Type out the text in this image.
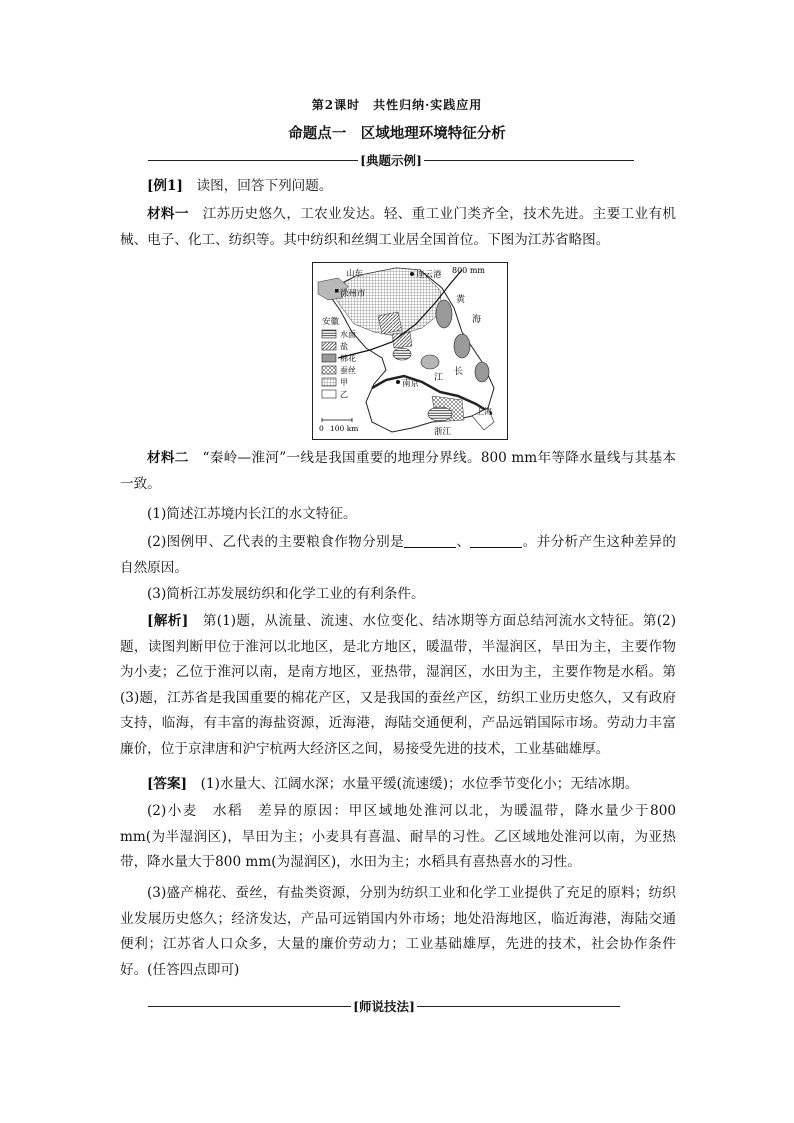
第2课时　共性归纳·实践应用
命题点一　区域地理环境特征分析
[典题示例]
[例1]　 读图，回答下列问题。
材料一　 江苏历史悠久，工农业发达。轻、重工业门类齐全，技术先进。主要工业有机械、电子、化工、纺织等。其中纺织和丝绸工业居全国首位。下图为江苏省略图。
山东	连云港 800 mm
徐州市
黄
海
安徽
长
江
南京
上海
浙江
水面
盐
棉花
蚕丝
甲
乙
0 100 km
材料二　 “秦岭—淮河”一线是我国重要的地理分界线。800 mm年等降水量线与其基本一致。
(1)简述江苏境内长江的水文特征。
(2)图例甲、乙代表的主要粮食作物分别是	、	。并分析产生这种差异的自然原因。
(3)简析江苏发展纺织和化学工业的有利条件。
[解析]　 第(1)题，从流量、流速、水位变化、结冰期等方面总结河流水文特征。第(2)题，读图判断甲位于淮河以北地区，是北方地区，暖温带，半湿润区，旱田为主，主要作物为小麦；乙位于淮河以南，是南方地区，亚热带，湿润区，水田为主，主要作物是水稻。第(3)题，江苏省是我国重要的棉花产区，又是我国的蚕丝产区，纺织工业历史悠久，又有政府支持，临海，有丰富的海盐资源，近海港，海陆交通便利，产品远销国际市场。劳动力丰富廉价，位于京津唐和沪宁杭两大经济区之间，易接受先进的技术，工业基础雄厚。
[答案]　 (1)水量大、江阔水深；水量平缓(流速缓)；水位季节变化小；无结冰期。
(2)小麦　水稻　差异的原因：甲区域地处淮河以北，为暖温带，降水量少于800 mm(为半湿润区)，旱田为主；小麦具有喜温、耐旱的习性。乙区域地处淮河以南，为亚热带，降水量大于800 mm(为湿润区)，水田为主；水稻具有喜热喜水的习性。
(3)盛产棉花、蚕丝，有盐类资源，分别为纺织工业和化学工业提供了充足的原料；纺织业发展历史悠久；经济发达，产品可远销国内外市场；地处沿海地区，临近海港，海陆交通便利；江苏省人口众多，大量的廉价劳动力；工业基础雄厚，先进的技术，社会协作条件好。(任答四点即可)
[师说技法]
